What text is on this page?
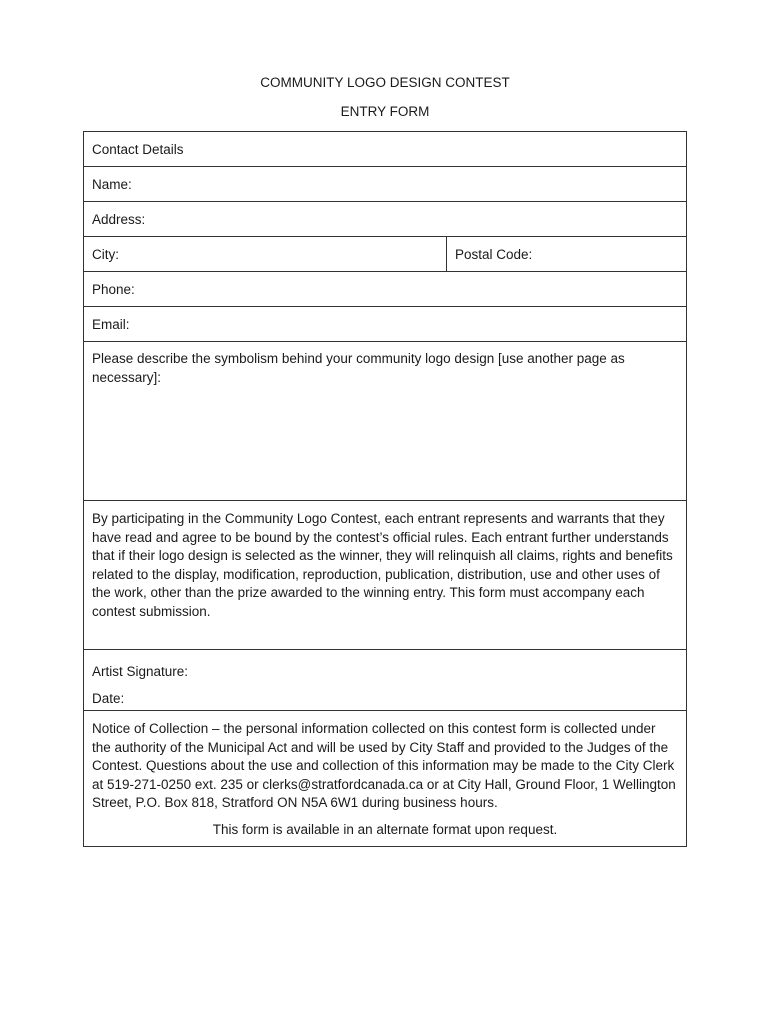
COMMUNITY LOGO DESIGN CONTEST
ENTRY FORM
Contact Details
Name:
Address:
City:	Postal Code:
Phone:
Email:

Please describe the symbolism behind your community logo design [use another page as necessary]:

By participating in the Community Logo Contest, each entrant represents and warrants that they have read and agree to be bound by the contest’s official rules. Each entrant further understands that if their logo design is selected as the winner, they will relinquish all claims, rights and benefits related to the display, modification, reproduction, publication, distribution, use and other uses of the work, other than the prize awarded to the winning entry. This form must accompany each contest submission.

Artist Signature:
Date:

Notice of Collection – the personal information collected on this contest form is collected under the authority of the Municipal Act and will be used by City Staff and provided to the Judges of the Contest. Questions about the use and collection of this information may be made to the City Clerk at 519-271-0250 ext. 235 or clerks@stratfordcanada.ca or at City Hall, Ground Floor, 1 Wellington Street, P.O. Box 818, Stratford ON N5A 6W1 during business hours.

This form is available in an alternate format upon request.
